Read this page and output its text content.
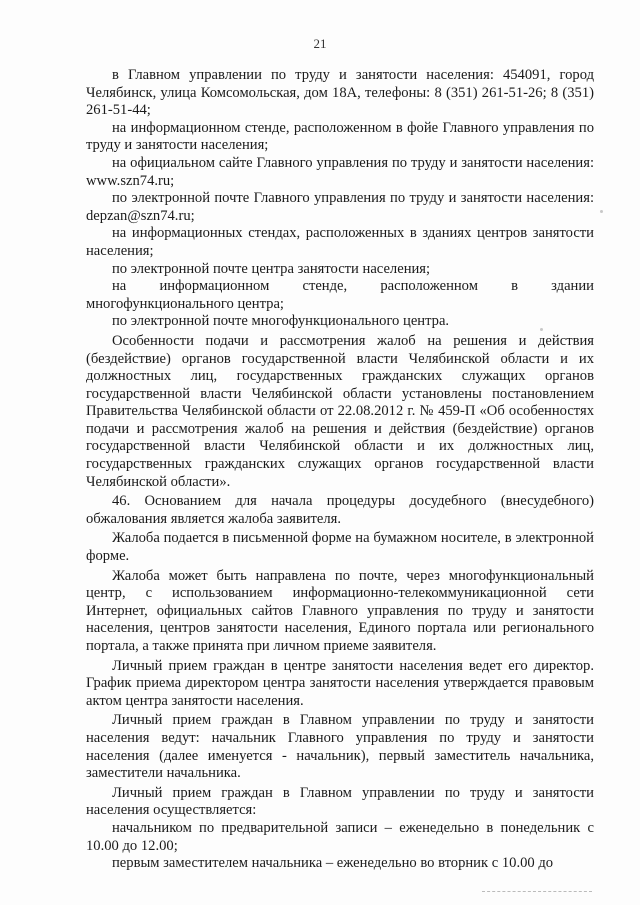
21

в Главном управлении по труду и занятости населения: 454091, город Челябинск, улица Комсомольская, дом 18А, телефоны: 8 (351) 261-51-26; 8 (351) 261-51-44;

на информационном стенде, расположенном в фойе Главного управления по труду и занятости населения;

на официальном сайте Главного управления по труду и занятости населения: www.szn74.ru;

по электронной почте Главного управления по труду и занятости населения: depzan@szn74.ru;

на информационных стендах, расположенных в зданиях центров занятости населения;

по электронной почте центра занятости населения;

на информационном стенде, расположенном в здании многофункционального центра;

по электронной почте многофункционального центра.

Особенности подачи и рассмотрения жалоб на решения и действия (бездействие) органов государственной власти Челябинской области и их должностных лиц, государственных гражданских служащих органов государственной власти Челябинской области установлены постановлением Правительства Челябинской области от 22.08.2012 г. № 459-П «Об особенностях подачи и рассмотрения жалоб на решения и действия (бездействие) органов государственной власти Челябинской области и их должностных лиц, государственных гражданских служащих органов государственной власти Челябинской области».

46. Основанием для начала процедуры досудебного (внесудебного) обжалования является жалоба заявителя.

Жалоба подается в письменной форме на бумажном носителе, в электронной форме.

Жалоба может быть направлена по почте, через многофункциональный центр, с использованием информационно-телекоммуникационной сети Интернет, официальных сайтов Главного управления по труду и занятости населения, центров занятости населения, Единого портала или регионального портала, а также принята при личном приеме заявителя.

Личный прием граждан в центре занятости населения ведет его директор. График приема директором центра занятости населения утверждается правовым актом центра занятости населения.

Личный прием граждан в Главном управлении по труду и занятости населения ведут: начальник Главного управления по труду и занятости населения (далее именуется - начальник), первый заместитель начальника, заместители начальника.

Личный прием граждан в Главном управлении по труду и занятости населения осуществляется:

начальником по предварительной записи – еженедельно в понедельник с 10.00 до 12.00;

первым заместителем начальника – еженедельно во вторник с 10.00 до
